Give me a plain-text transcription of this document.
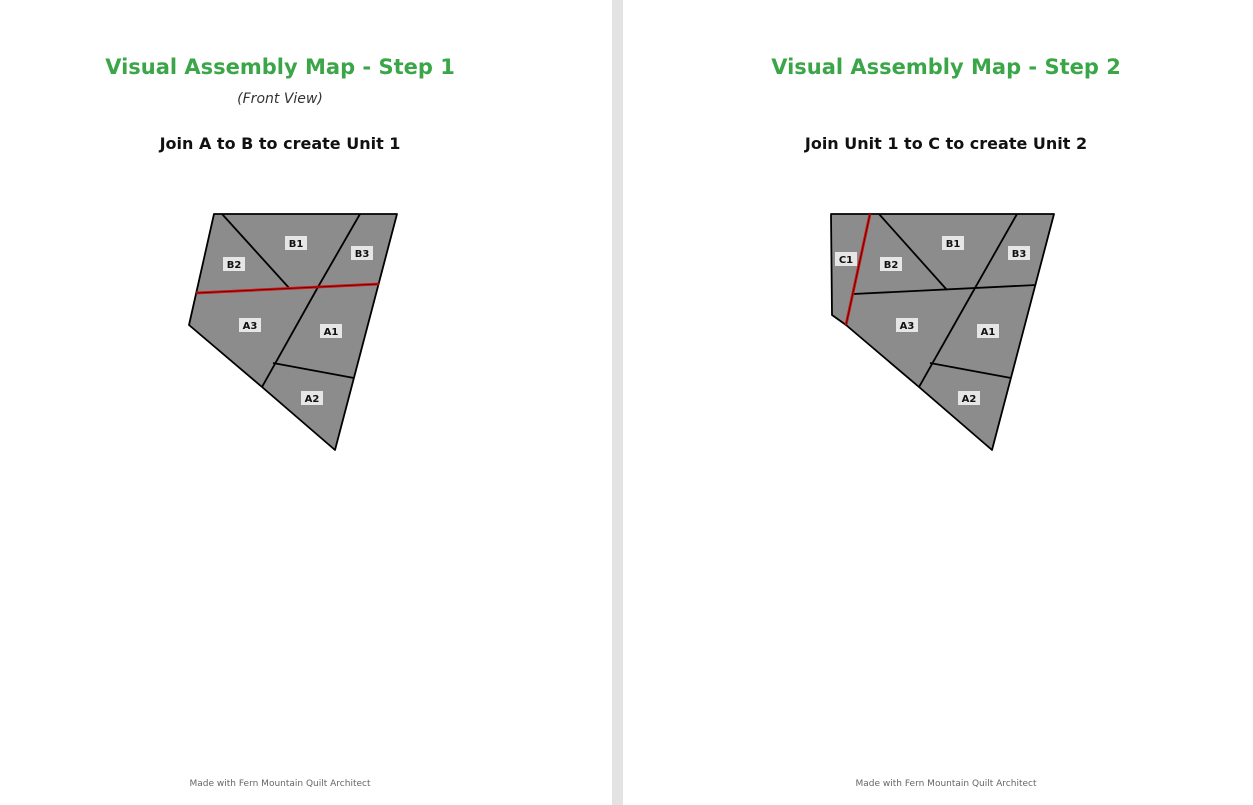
Visual Assembly Map - Step 1

(Front View)

Join A to B to create Unit 1

B1
B2
B3
A3
A1
A2

Made with Fern Mountain Quilt Architect

Visual Assembly Map - Step 2

Join Unit 1 to C to create Unit 2

C1	B2
B1
B3
A3
A1
A2

Made with Fern Mountain Quilt Architect
